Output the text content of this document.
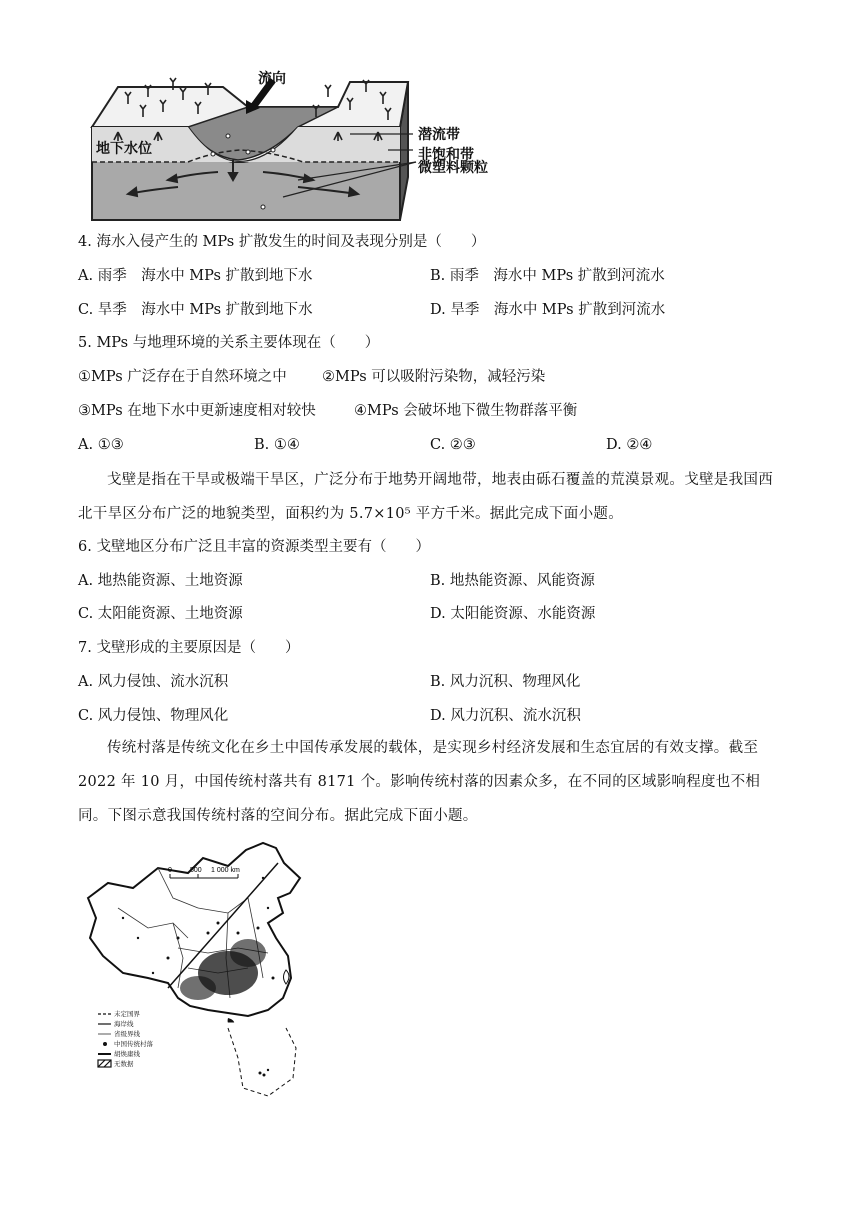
流向
地下水位
潜流带
非饱和带
微塑料颗粒
4. 海水入侵产生的 MPs 扩散发生的时间及表现分别是（　　）
A. 雨季　海水中 MPs 扩散到地下水	B. 雨季　海水中 MPs 扩散到河流水
C. 旱季　海水中 MPs 扩散到地下水	D. 旱季　海水中 MPs 扩散到河流水
5. MPs 与地理环境的关系主要体现在（　　）
①MPs 广泛存在于自然环境之中 ②MPs 可以吸附污染物，减轻污染
③MPs 在地下水中更新速度相对较快	④MPs 会破坏地下微生物群落平衡
A. ①③	B. ①④	C. ②③	D. ②④
戈壁是指在干旱或极端干旱区，广泛分布于地势开阔地带，地表由砾石覆盖的荒漠景观。戈壁是我国西北干旱区分布广泛的地貌类型，面积约为 5.7×10⁵ 平方千米。据此完成下面小题。
6. 戈壁地区分布广泛且丰富的资源类型主要有（　　）
A. 地热能资源、土地资源	B. 地热能资源、风能资源
C. 太阳能资源、土地资源	D. 太阳能资源、水能资源
7. 戈壁形成的主要原因是（　　）
A. 风力侵蚀、流水沉积	B. 风力沉积、物理风化
C. 风力侵蚀、物理风化	D. 风力沉积、流水沉积
传统村落是传统文化在乡土中国传承发展的载体，是实现乡村经济发展和生态宜居的有效支撑。截至 2022 年 10 月，中国传统村落共有 8171 个。影响传统村落的因素众多，在不同的区域影响程度也不相同。下图示意我国传统村落的空间分布。据此完成下面小题。
0	500 1 000 km
未定国界
海岸线
省级界线
中国传统村落
胡焕庸线
无数据
